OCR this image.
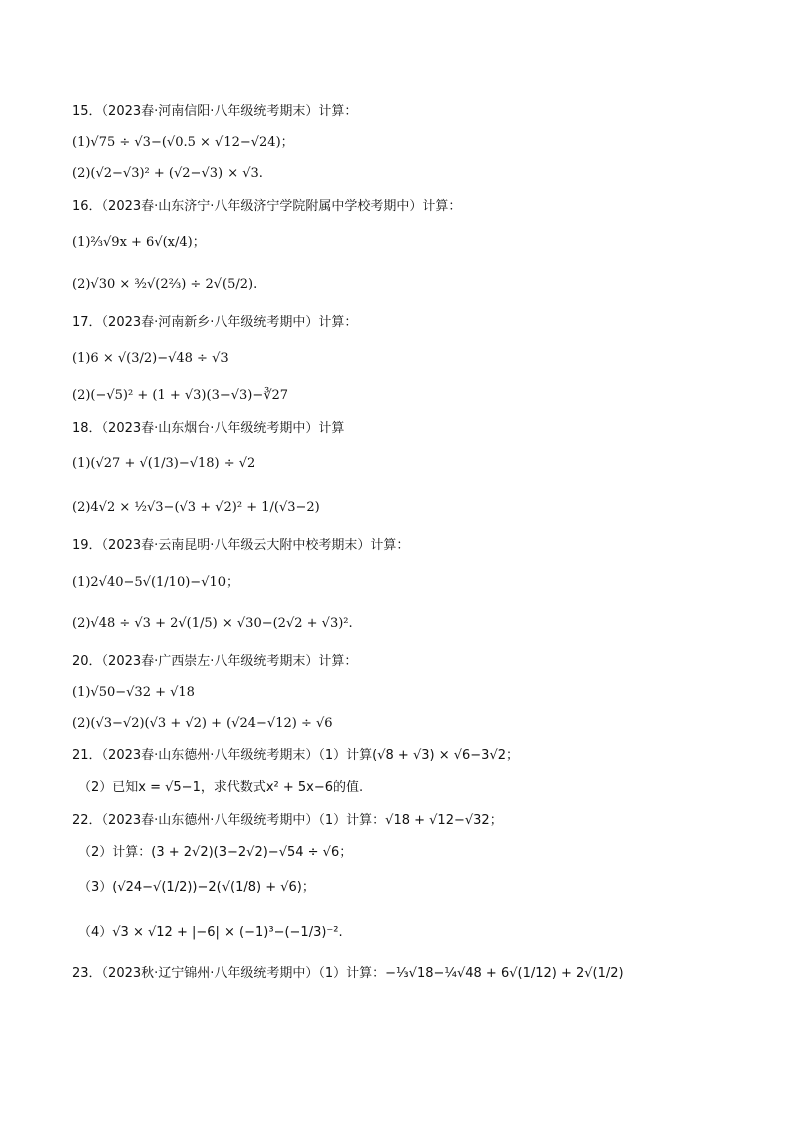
15．（2023春·河南信阳·八年级统考期末）计算：
(1)√75 ÷ √3−(√0.5 × √12−√24)；
(2)(√2−√3)² + (√2−√3) × √3.
16．（2023春·山东济宁·八年级济宁学院附属中学校考期中）计算：
(1)²⁄₃√9x + 6√(x/4)；
(2)√30 × ³⁄₂√(2⅔) ÷ 2√(5/2).
17．（2023春·河南新乡·八年级统考期中）计算：
(1)6 × √(3/2)−√48 ÷ √3
(2)(−√5)² + (1 + √3)(3−√3)−∛27
18．（2023春·山东烟台·八年级统考期中）计算
(1)(√27 + √(1/3)−√18) ÷ √2
(2)4√2 × ¹⁄₂√3−(√3 + √2)² + 1/(√3−2)
19．（2023春·云南昆明·八年级云大附中校考期末）计算：
(1)2√40−5√(1/10)−√10；
(2)√48 ÷ √3 + 2√(1/5) × √30−(2√2 + √3)².
20．（2023春·广西崇左·八年级统考期末）计算：
(1)√50−√32 + √18
(2)(√3−√2)(√3 + √2) + (√24−√12) ÷ √6
21．（2023春·山东德州·八年级统考期末）（1）计算(√8 + √3) × √6−3√2；
（2）已知x = √5−1，求代数式x² + 5x−6的值.
22．（2023春·山东德州·八年级统考期中）（1）计算：√18 + √12−√32；
（2）计算：(3 + 2√2)(3−2√2)−√54 ÷ √6；
（3）(√24−√(1/2))−2(√(1/8) + √6)；
（4）√3 × √12 + |−6| × (−1)³−(−1/3)⁻².
23．（2023秋·辽宁锦州·八年级统考期中）（1）计算：−⅓√18−¼√48 + 6√(1/12) + 2√(1/2)
